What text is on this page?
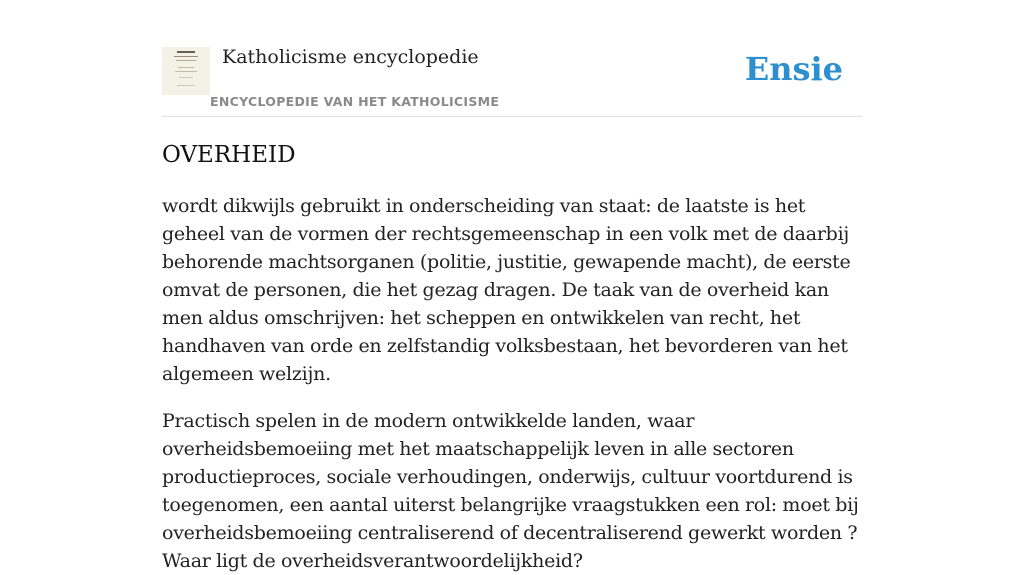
Katholicisme encyclopedie
ENCYCLOPEDIE VAN HET KATHOLICISME
Ensie
OVERHEID

wordt dikwijls gebruikt in onderscheiding van staat: de laatste is het geheel van de vormen der rechtsgemeenschap in een volk met de daarbij behorende machtsorganen (politie, justitie, gewapende macht), de eerste omvat de personen, die het gezag dragen. De taak van de overheid kan men aldus omschrijven: het scheppen en ontwikkelen van recht, het handhaven van orde en zelfstandig volksbestaan, het bevorderen van het algemeen welzijn.

Practisch spelen in de modern ontwikkelde landen, waar overheidsbemoeiing met het maatschappelijk leven in alle sectoren productieproces, sociale verhoudingen, onderwijs, cultuur voortdurend is toegenomen, een aantal uiterst belangrijke vraagstukken een rol: moet bij overheidsbemoeiing centraliserend of decentraliserend gewerkt worden ? Waar ligt de overheidsverantwoordelijkheid?
